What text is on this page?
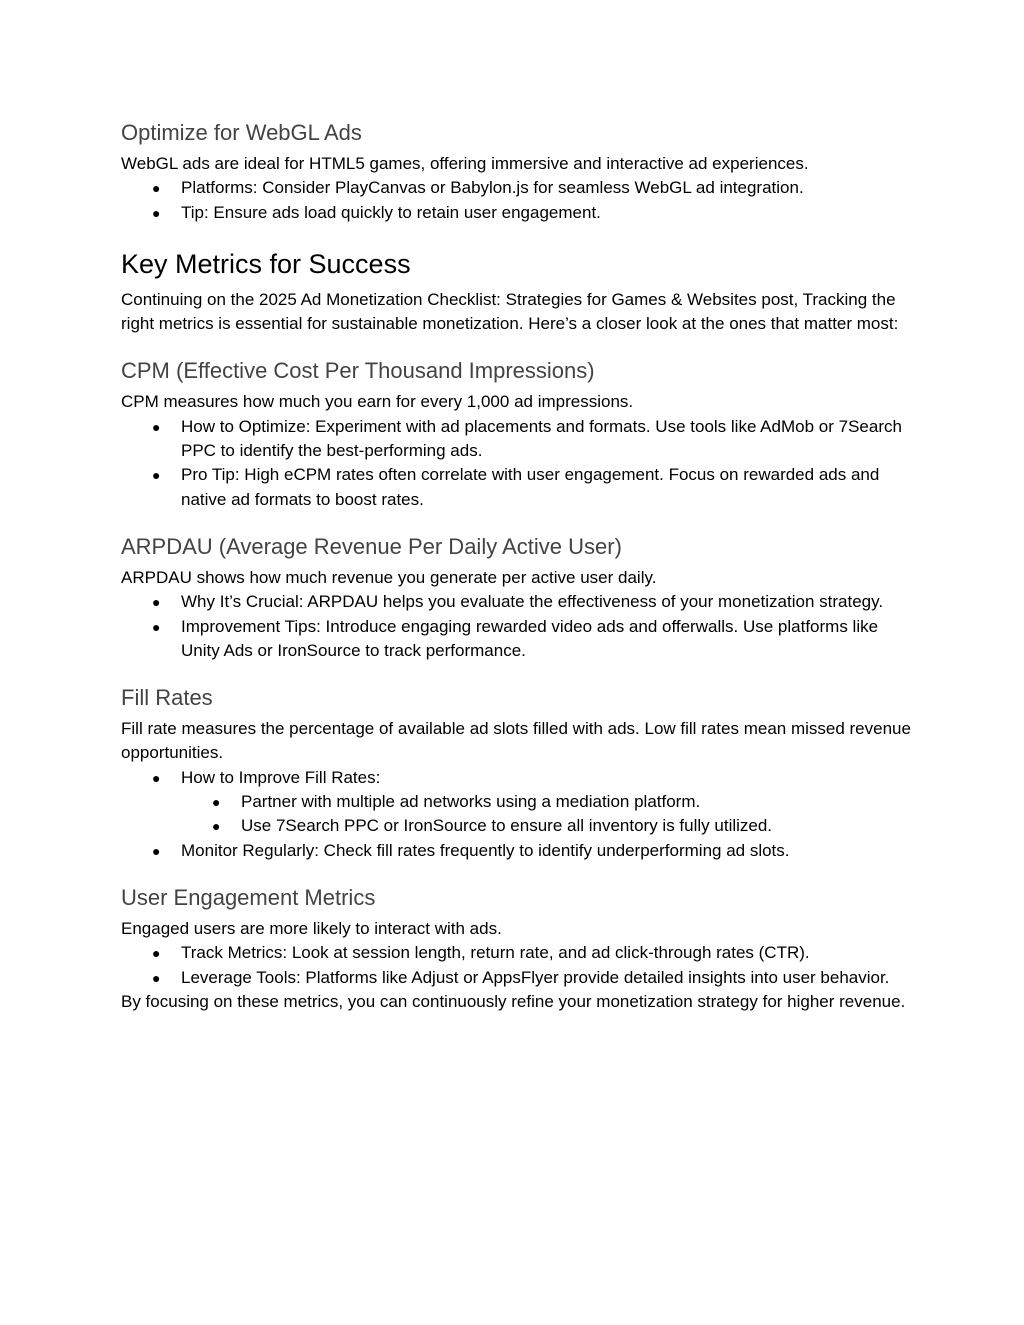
Optimize for WebGL Ads

WebGL ads are ideal for HTML5 games, offering immersive and interactive ad experiences.

● Platforms: Consider PlayCanvas or Babylon.js for seamless WebGL ad integration.
● Tip: Ensure ads load quickly to retain user engagement.
Key Metrics for Success

Continuing on the 2025 Ad Monetization Checklist: Strategies for Games & Websites post, Tracking the right metrics is essential for sustainable monetization. Here’s a closer look at the ones that matter most:

CPM (Effective Cost Per Thousand Impressions)

CPM measures how much you earn for every 1,000 ad impressions.

● How to Optimize: Experiment with ad placements and formats. Use tools like AdMob or 7Search PPC to identify the best-performing ads.
● Pro Tip: High eCPM rates often correlate with user engagement. Focus on rewarded ads and native ad formats to boost rates.
ARPDAU (Average Revenue Per Daily Active User)

ARPDAU shows how much revenue you generate per active user daily.

● Why It’s Crucial: ARPDAU helps you evaluate the effectiveness of your monetization strategy.
● Improvement Tips: Introduce engaging rewarded video ads and offerwalls. Use platforms like Unity Ads or IronSource to track performance.
Fill Rates

Fill rate measures the percentage of available ad slots filled with ads. Low fill rates mean missed revenue opportunities.

● How to Improve Fill Rates:
● Partner with multiple ad networks using a mediation platform.
● Use 7Search PPC or IronSource to ensure all inventory is fully utilized.
● Monitor Regularly: Check fill rates frequently to identify underperforming ad slots.
User Engagement Metrics

Engaged users are more likely to interact with ads.

● Track Metrics: Look at session length, return rate, and ad click-through rates (CTR).
● Leverage Tools: Platforms like Adjust or AppsFlyer provide detailed insights into user behavior.

By focusing on these metrics, you can continuously refine your monetization strategy for higher revenue.
